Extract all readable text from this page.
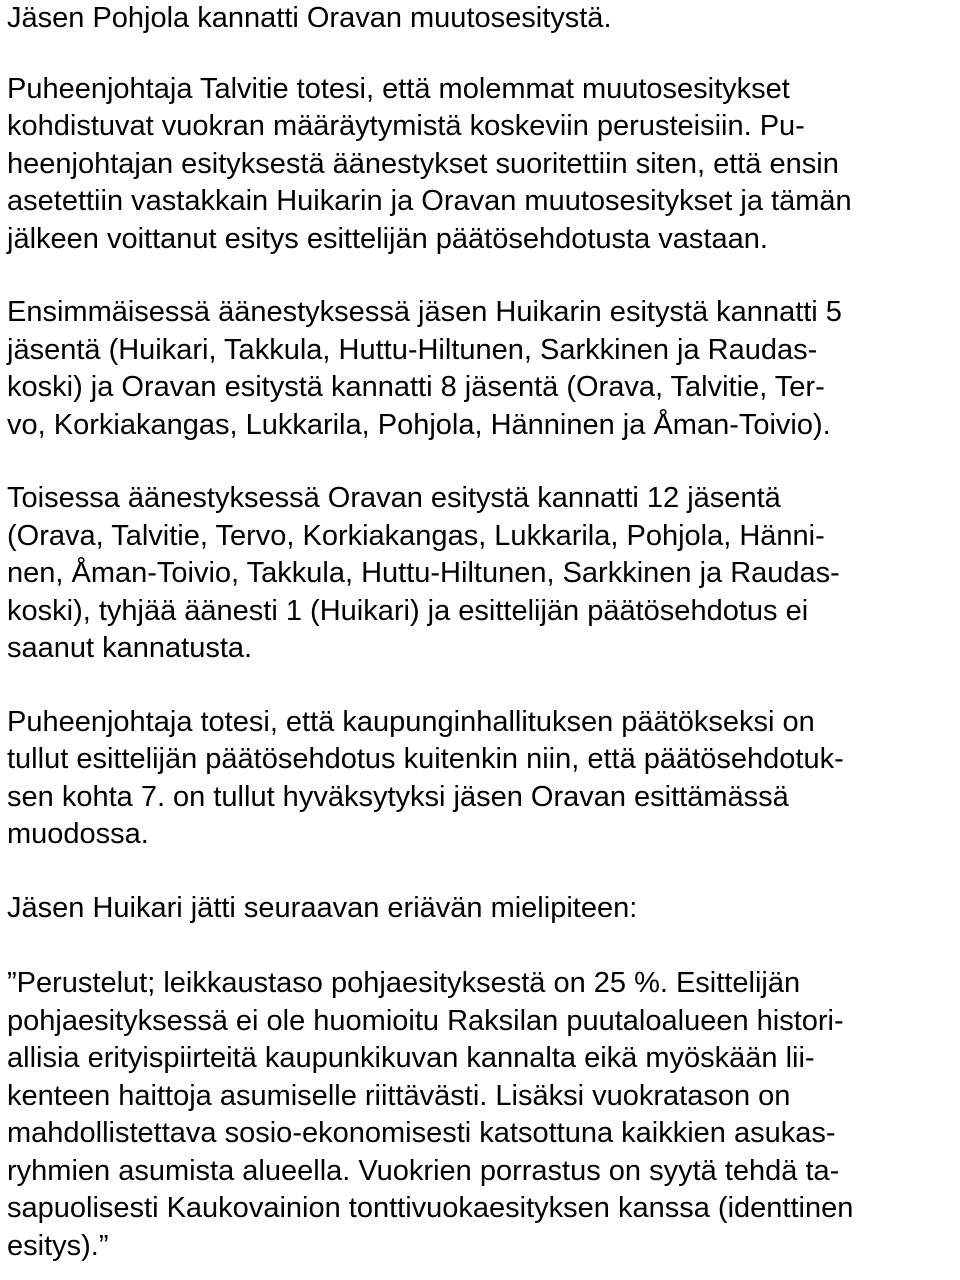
Jäsen Pohjola kannatti Oravan muutosesitystä.
Puheenjohtaja Talvitie totesi, että molemmat muutosesitykset
kohdistuvat vuokran määräytymistä koskeviin perusteisiin. Pu-
heenjohtajan esityksestä äänestykset suoritettiin siten, että ensin
asetettiin vastakkain Huikarin ja Oravan muutosesitykset ja tämän
jälkeen voittanut esitys esittelijän päätösehdotusta vastaan.
Ensimmäisessä äänestyksessä jäsen Huikarin esitystä kannatti 5
jäsentä (Huikari, Takkula, Huttu-Hiltunen, Sarkkinen ja Raudas-
koski) ja Oravan esitystä kannatti 8 jäsentä (Orava, Talvitie, Ter-
vo, Korkiakangas, Lukkarila, Pohjola, Hänninen ja Åman-Toivio).
Toisessa äänestyksessä Oravan esitystä kannatti 12 jäsentä
(Orava, Talvitie, Tervo, Korkiakangas, Lukkarila, Pohjola, Hänni-
nen, Åman-Toivio, Takkula, Huttu-Hiltunen, Sarkkinen ja Raudas-
koski), tyhjää äänesti 1 (Huikari) ja esittelijän päätösehdotus ei
saanut kannatusta.
Puheenjohtaja totesi, että kaupunginhallituksen päätökseksi on
tullut esittelijän päätösehdotus kuitenkin niin, että päätösehdotuk-
sen kohta 7. on tullut hyväksytyksi jäsen Oravan esittämässä
muodossa.
Jäsen Huikari jätti seuraavan eriävän mielipiteen:
”Perustelut; leikkaustaso pohjaesityksestä on 25 %. Esittelijän
pohjaesityksessä ei ole huomioitu Raksilan puutaloalueen histori-
allisia erityispiirteitä kaupunkikuvan kannalta eikä myöskään lii-
kenteen haittoja asumiselle riittävästi. Lisäksi vuokratason on
mahdollistettava sosio-ekonomisesti katsottuna kaikkien asukas-
ryhmien asumista alueella. Vuokrien porrastus on syytä tehdä ta-
sapuolisesti Kaukovainion tonttivuokaesityksen kanssa (identtinen
esitys).”
